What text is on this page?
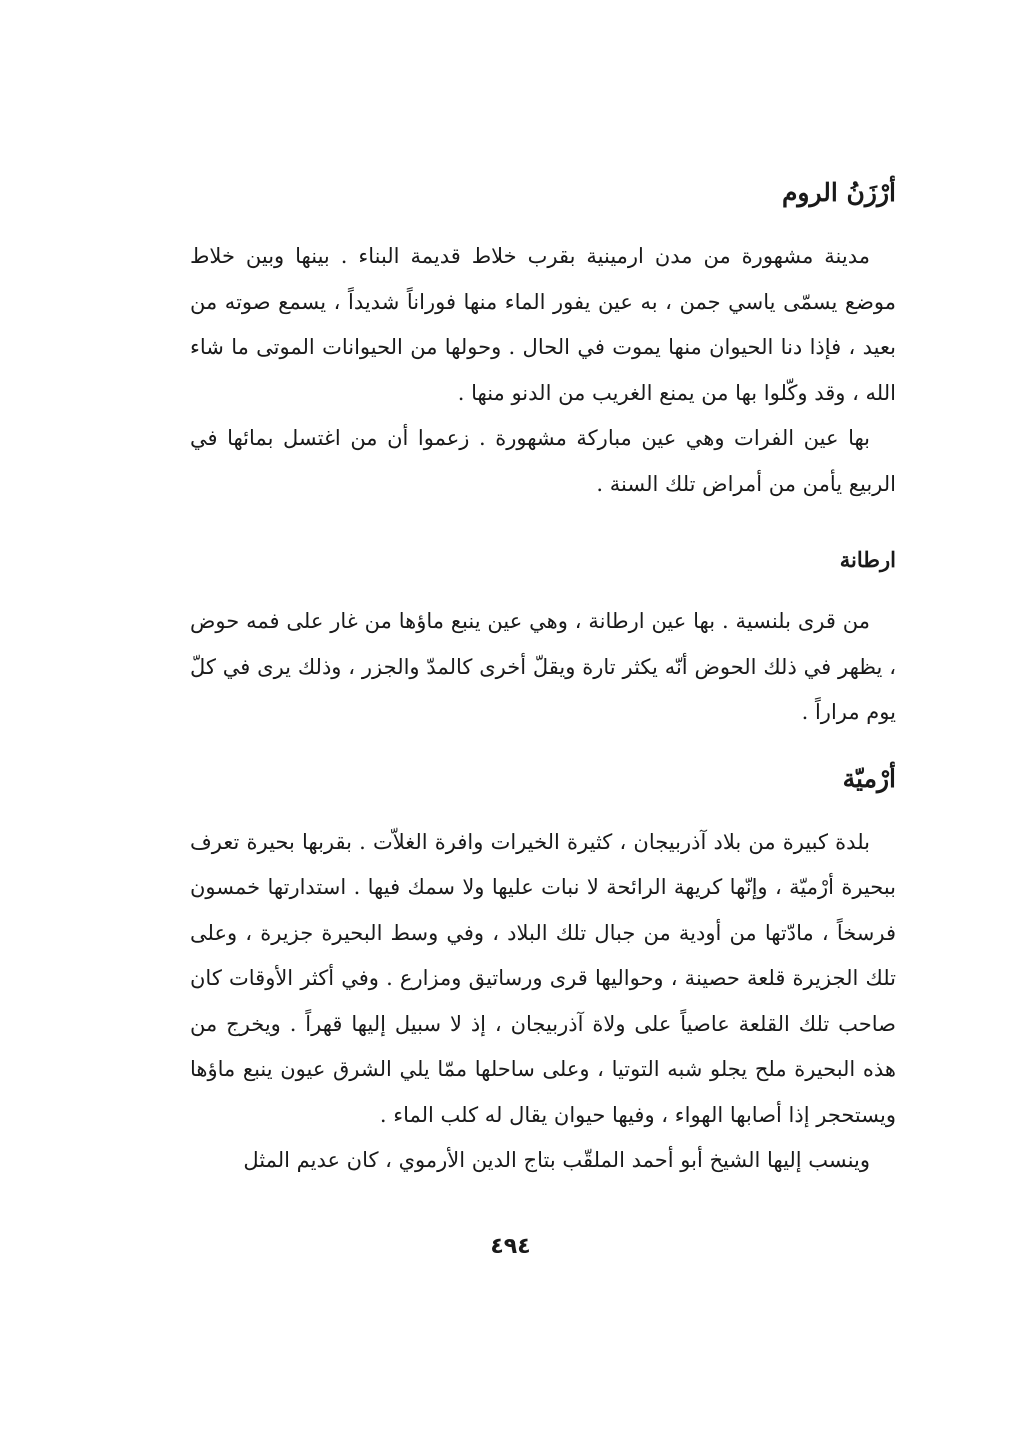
أرْزَنُ الروم

مدينة مشهورة من مدن ارمينية بقرب خلاط قديمة البناء . بينها وبين خلاط موضع يسمّى ياسي جمن ، به عين يفور الماء منها فوراناً شديداً ، يسمع صوته من بعيد ، فإذا دنا الحيوان منها يموت في الحال . وحولها من الحيوانات الموتى ما شاء الله ، وقد وكّلوا بها من يمنع الغريب من الدنو منها .

بها عين الفرات وهي عين مباركة مشهورة . زعموا أن من اغتسل بمائها في الربيع يأمن من أمراض تلك السنة .

ارطانة

من قرى بلنسية . بها عين ارطانة ، وهي عين ينبع ماؤها من غار على فمه حوض ، يظهر في ذلك الحوض أنّه يكثر تارة ويقلّ أخرى كالمدّ والجزر ، وذلك يرى في كلّ يوم مراراً .

أرْميّة

بلدة كبيرة من بلاد آذربيجان ، كثيرة الخيرات وافرة الغلاّت . بقربها بحيرة تعرف ببحيرة أرْميّة ، وإنّها كريهة الرائحة لا نبات عليها ولا سمك فيها . استدارتها خمسون فرسخاً ، مادّتها من أودية من جبال تلك البلاد ، وفي وسط البحيرة جزيرة ، وعلى تلك الجزيرة قلعة حصينة ، وحواليها قرى ورساتيق ومزارع . وفي أكثر الأوقات كان صاحب تلك القلعة عاصياً على ولاة آذربيجان ، إذ لا سبيل إليها قهراً . ويخرج من هذه البحيرة ملح يجلو شبه التوتيا ، وعلى ساحلها ممّا يلي الشرق عيون ينبع ماؤها ويستحجر إذا أصابها الهواء ، وفيها حيوان يقال له كلب الماء .

وينسب إليها الشيخ أبو أحمد الملقّب بتاج الدين الأرموي ، كان عديم المثل

٤٩٤
